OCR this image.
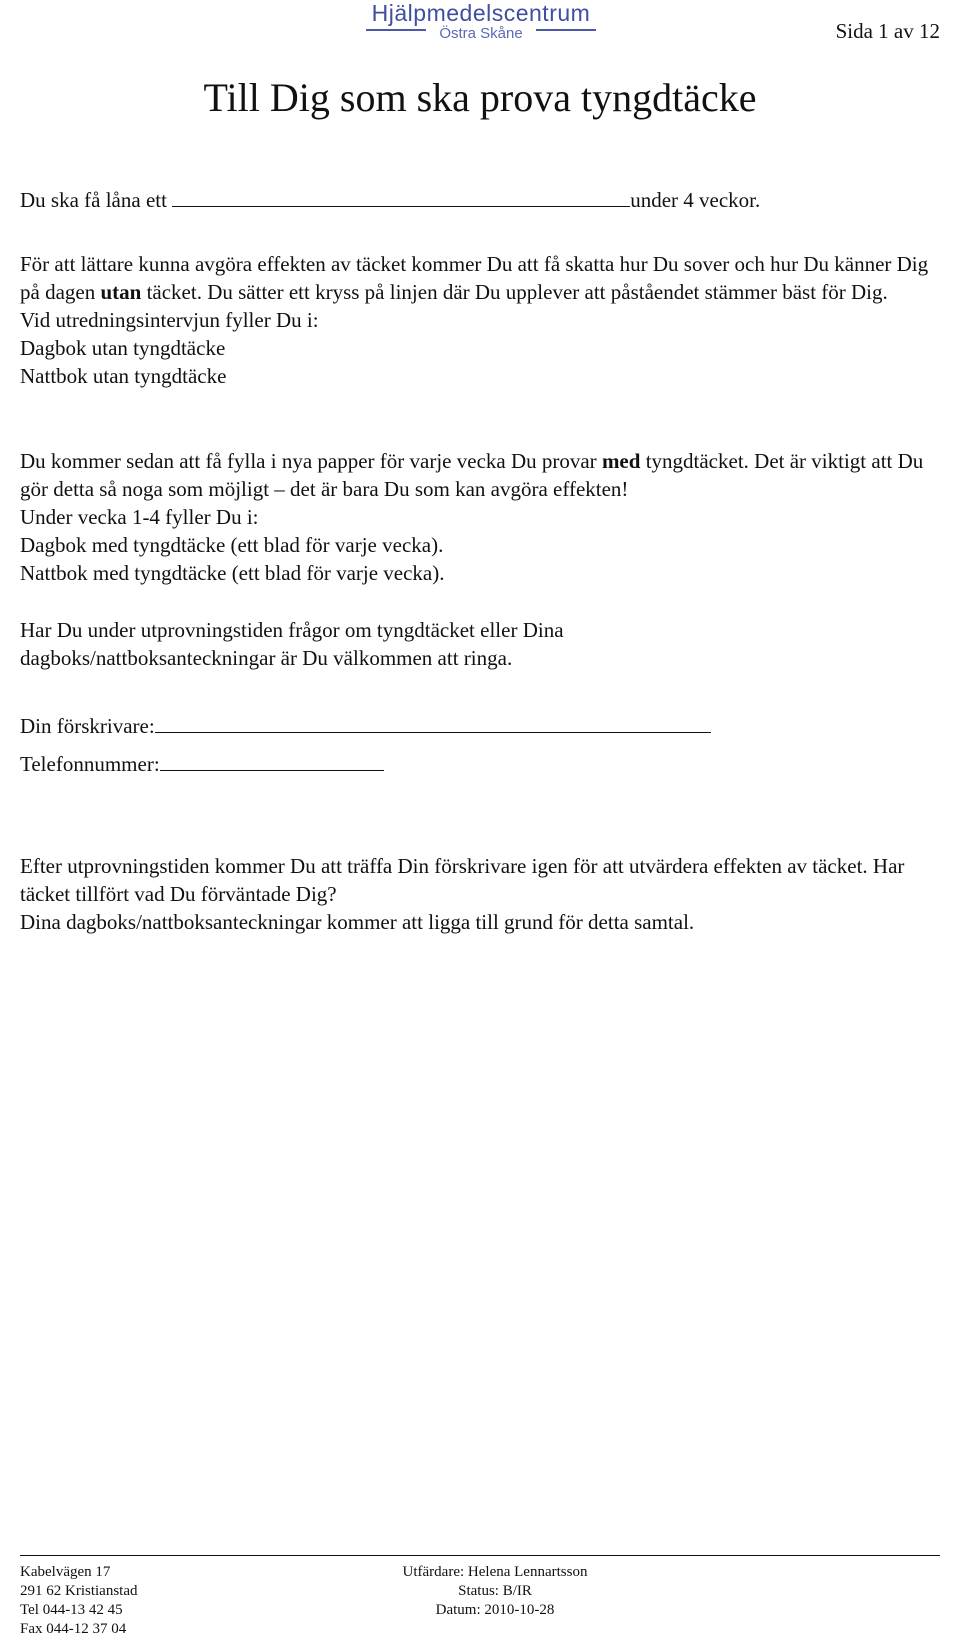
Hjälpmedelscentrum
Östra Skåne	Sida 1 av 12
Till Dig som ska prova tyngdtäcke
Du ska få låna ett	under 4 veckor.

För att lättare kunna avgöra effekten av täcket kommer Du att få skatta hur Du sover och hur Du känner Dig på dagen utan täcket. Du sätter ett kryss på linjen där Du upplever att påståendet stämmer bäst för Dig.

Vid utredningsintervjun fyller Du i:

Dagbok utan tyngdtäcke

Nattbok utan tyngdtäcke

Du kommer sedan att få fylla i nya papper för varje vecka Du provar med tyngdtäcket. Det är viktigt att Du gör detta så noga som möjligt – det är bara Du som kan avgöra effekten!

Under vecka 1-4 fyller Du i:

Dagbok med tyngdtäcke (ett blad för varje vecka).

Nattbok med tyngdtäcke (ett blad för varje vecka).

Har Du under utprovningstiden frågor om tyngdtäcket eller Dina dagboks/nattboksanteckningar är Du välkommen att ringa.

Din förskrivare:
Telefonnummer:

Efter utprovningstiden kommer Du att träffa Din förskrivare igen för att utvärdera effekten av täcket. Har täcket tillfört vad Du förväntade Dig?

Dina dagboks/nattboksanteckningar kommer att ligga till grund för detta samtal.

Kabelvägen 17
291 62 Kristianstad
Tel 044-13 42 45
Fax 044-12 37 04
Utfärdare: Helena Lennartsson
Status: B/IR
Datum: 2010-10-28
